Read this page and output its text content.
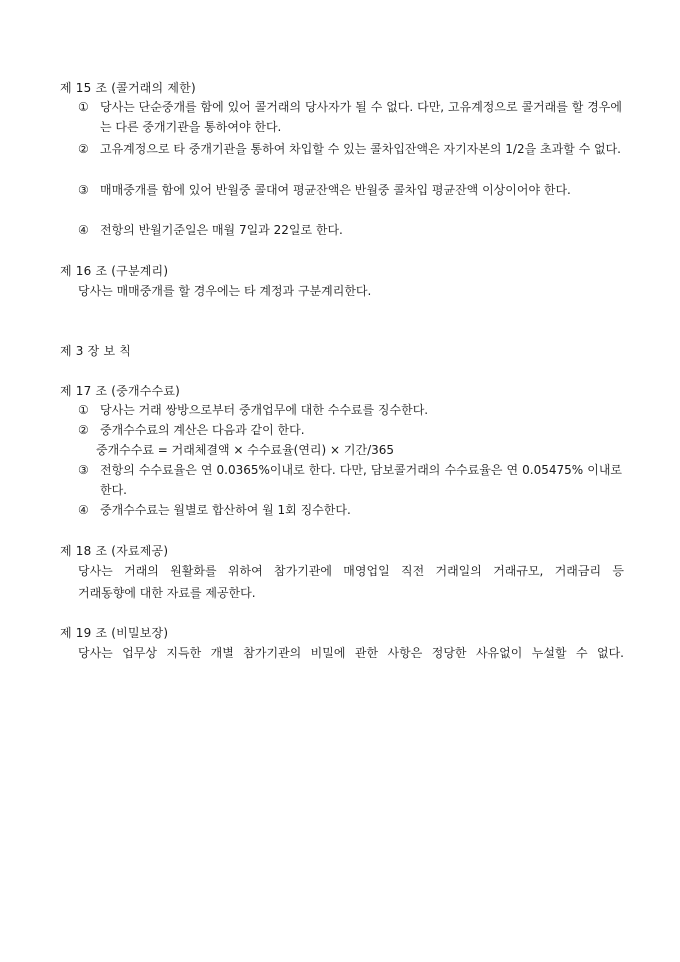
제 15 조 (콜거래의 제한)
① 당사는 단순중개를 함에 있어 콜거래의 당사자가 될 수 없다. 다만, 고유계정으로 콜거래를 할 경우에는 다른 중개기관을 통하여야 한다.
② 고유계정으로 타 중개기관을 통하여 차입할 수 있는 콜차입잔액은 자기자본의 1/2을 초과할 수 없다.
③ 매매중개를 함에 있어 반월중 콜대여 평균잔액은 반월중 콜차입 평균잔액 이상이어야 한다.
④ 전항의 반월기준일은 매월 7일과 22일로 한다.
제 16 조 (구분계리)
당사는 매매중개를 할 경우에는 타 계정과 구분계리한다.
제 3 장 보 칙
제 17 조 (중개수수료)
① 당사는 거래 쌍방으로부터 중개업무에 대한 수수료를 징수한다.
② 중개수수료의 계산은 다음과 같이 한다.
중개수수료 = 거래체결액 × 수수료율(연리) × 기간/365
③ 전항의 수수료율은 연 0.0365%이내로 한다. 다만, 담보콜거래의 수수료율은 연 0.05475% 이내로 한다.
④ 중개수수료는 월별로 합산하여 월 1회 징수한다.
제 18 조 (자료제공)
당사는 거래의 원활화를 위하여 참가기관에 매영업일 직전 거래일의 거래규모, 거래금리 등
거래동향에 대한 자료를 제공한다.
제 19 조 (비밀보장)
당사는 업무상 지득한 개별 참가기관의 비밀에 관한 사항은 정당한 사유없이 누설할 수 없다.
